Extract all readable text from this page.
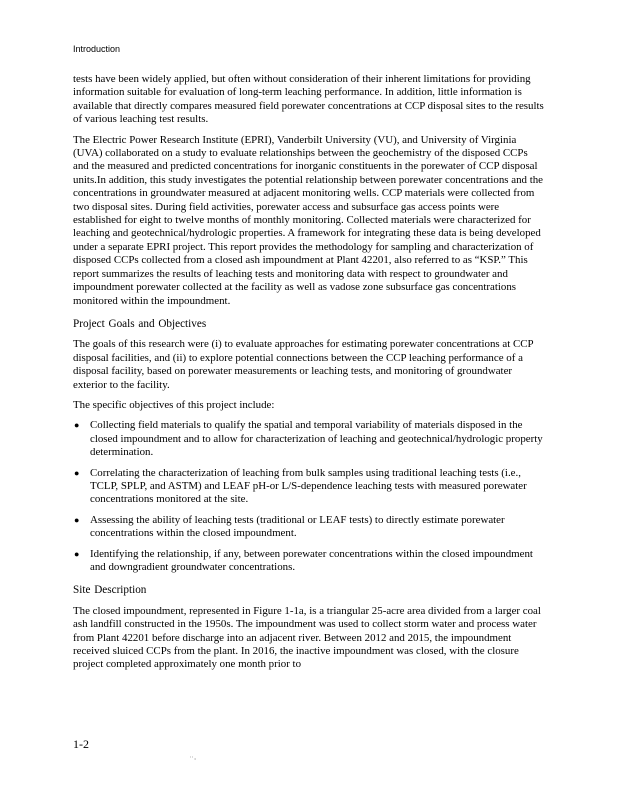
Introduction

tests have been widely applied, but often without consideration of their inherent limitations for providing information suitable for evaluation of long-term leaching performance. In addition, little information is available that directly compares measured field porewater concentrations at CCP disposal sites to the results of various leaching test results.

The Electric Power Research Institute (EPRI), Vanderbilt University (VU), and University of Virginia (UVA) collaborated on a study to evaluate relationships between the geochemistry of the disposed CCPs and the measured and predicted concentrations for inorganic constituents in the porewater of CCP disposal units.In addition, this study investigates the potential relationship between porewater concentrations and the concentrations in groundwater measured at adjacent monitoring wells. CCP materials were collected from two disposal sites. During field activities, porewater access and subsurface gas access points were established for eight to twelve months of monthly monitoring. Collected materials were characterized for leaching and geotechnical/hydrologic properties. A framework for integrating these data is being developed under a separate EPRI project. This report provides the methodology for sampling and characterization of disposed CCPs collected from a closed ash impoundment at Plant 42201, also referred to as “KSP.” This report summarizes the results of leaching tests and monitoring data with respect to groundwater and impoundment porewater collected at the facility as well as vadose zone subsurface gas concentrations monitored within the impoundment.

Project Goals and Objectives

The goals of this research were (i) to evaluate approaches for estimating porewater concentrations at CCP disposal facilities, and (ii) to explore potential connections between the CCP leaching performance of a disposal facility, based on porewater measurements or leaching tests, and monitoring of groundwater exterior to the facility.

The specific objectives of this project include:

● Collecting field materials to qualify the spatial and temporal variability of materials disposed in the closed impoundment and to allow for characterization of leaching and geotechnical/hydrologic property determination.
● Correlating the characterization of leaching from bulk samples using traditional leaching tests (i.e., TCLP, SPLP, and ASTM) and LEAF pH-or L/S-dependence leaching tests with measured porewater concentrations monitored at the site.
● Assessing the ability of leaching tests (traditional or LEAF tests) to directly estimate porewater concentrations within the closed impoundment.
● Identifying the relationship, if any, between porewater concentrations within the closed impoundment and downgradient groundwater concentrations.
Site Description

The closed impoundment, represented in Figure 1-1a, is a triangular 25-acre area divided from a larger coal ash landfill constructed in the 1950s. The impoundment was used to collect storm water and process water from Plant 42201 before discharge into an adjacent river. Between 2012 and 2015, the impoundment received sluiced CCPs from the plant. In 2016, the inactive impoundment was closed, with the closure project completed approximately one month prior to

1-2
' ' ‹
